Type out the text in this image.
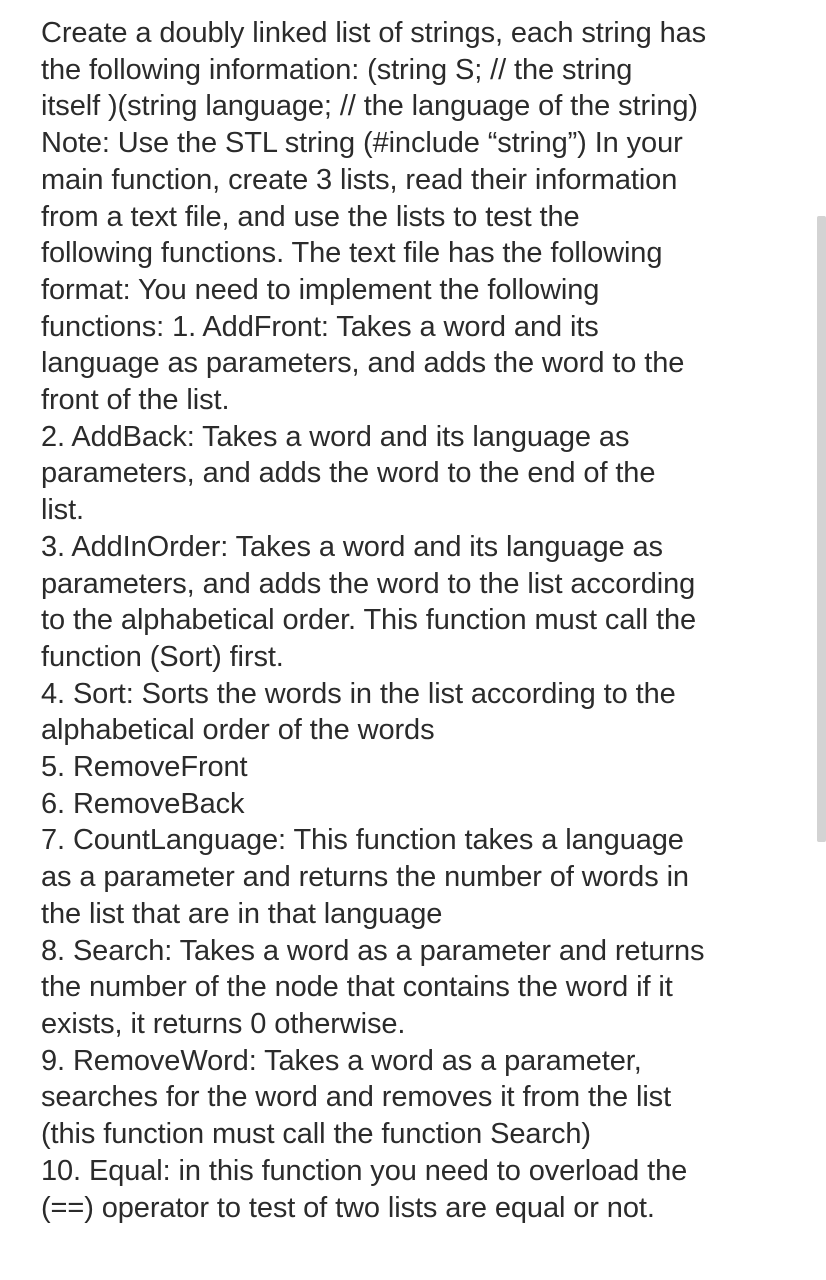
Create a doubly linked list of strings, each string has
the following information: (string S; // the string
itself )(string language; // the language of the string)
Note: Use the STL string (#include “string”) In your
main function, create 3 lists, read their information
from a text file, and use the lists to test the
following functions. The text file has the following
format: You need to implement the following
functions: 1. AddFront: Takes a word and its
language as parameters, and adds the word to the
front of the list.
2. AddBack: Takes a word and its language as
parameters, and adds the word to the end of the
list.
3. AddInOrder: Takes a word and its language as
parameters, and adds the word to the list according
to the alphabetical order. This function must call the
function (Sort) first.
4. Sort: Sorts the words in the list according to the
alphabetical order of the words
5. RemoveFront
6. RemoveBack
7. CountLanguage: This function takes a language
as a parameter and returns the number of words in
the list that are in that language
8. Search: Takes a word as a parameter and returns
the number of the node that contains the word if it
exists, it returns 0 otherwise.
9. RemoveWord: Takes a word as a parameter,
searches for the word and removes it from the list
(this function must call the function Search)
10. Equal: in this function you need to overload the
(==) operator to test of two lists are equal or not.
